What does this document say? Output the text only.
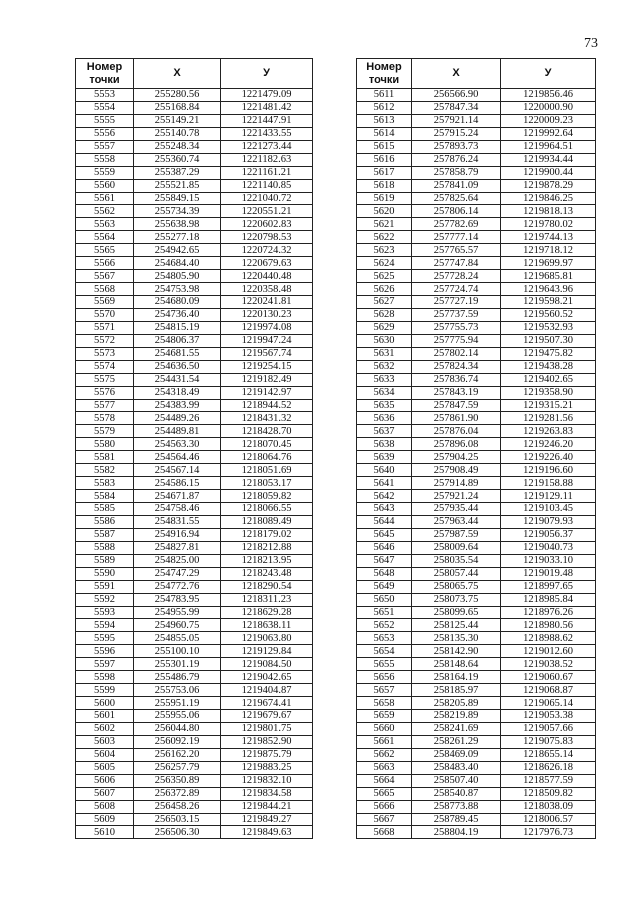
73
Номер
точки	X	У
5553	255280.56	1221479.09
5554	255168.84	1221481.42
5555	255149.21	1221447.91
5556	255140.78	1221433.55
5557	255248.34	1221273.44
5558	255360.74	1221182.63
5559	255387.29	1221161.21
5560	255521.85	1221140.85
5561	255849.15	1221040.72
5562	255734.39	1220551.21
5563	255638.98	1220602.83
5564	255277.18	1220798.53
5565	254942.65	1220724.32
5566	254684.40	1220679.63
5567	254805.90	1220440.48
5568	254753.98	1220358.48
5569	254680.09	1220241.81
5570	254736.40	1220130.23
5571	254815.19	1219974.08
5572	254806.37	1219947.24
5573	254681.55	1219567.74
5574	254636.50	1219254.15
5575	254431.54	1219182.49
5576	254318.49	1219142.97
5577	254383.99	1218944.52
5578	254489.26	1218431.32
5579	254489.81	1218428.70
5580	254563.30	1218070.45
5581	254564.46	1218064.76
5582	254567.14	1218051.69
5583	254586.15	1218053.17
5584	254671.87	1218059.82
5585	254758.46	1218066.55
5586	254831.55	1218089.49
5587	254916.94	1218179.02
5588	254827.81	1218212.88
5589	254825.00	1218213.95
5590	254747.29	1218243.48
5591	254772.76	1218290.54
5592	254783.95	1218311.23
5593	254955.99	1218629.28
5594	254960.75	1218638.11
5595	254855.05	1219063.80
5596	255100.10	1219129.84
5597	255301.19	1219084.50
5598	255486.79	1219042.65
5599	255753.06	1219404.87
5600	255951.19	1219674.41
5601	255955.06	1219679.67
5602	256044.80	1219801.75
5603	256092.19	1219852.90
5604	256162.20	1219875.79
5605	256257.79	1219883.25
5606	256350.89	1219832.10
5607	256372.89	1219834.58
5608	256458.26	1219844.21
5609	256503.15	1219849.27
5610	256506.30	1219849.63
Номер
точки	X	У
5611	256566.90	1219856.46
5612	257847.34	1220000.90
5613	257921.14	1220009.23
5614	257915.24	1219992.64
5615	257893.73	1219964.51
5616	257876.24	1219934.44
5617	257858.79	1219900.44
5618	257841.09	1219878.29
5619	257825.64	1219846.25
5620	257806.14	1219818.13
5621	257782.69	1219780.02
5622	257777.14	1219744.13
5623	257765.57	1219718.12
5624	257747.84	1219699.97
5625	257728.24	1219685.81
5626	257724.74	1219643.96
5627	257727.19	1219598.21
5628	257737.59	1219560.52
5629	257755.73	1219532.93
5630	257775.94	1219507.30
5631	257802.14	1219475.82
5632	257824.34	1219438.28
5633	257836.74	1219402.65
5634	257843.19	1219358.90
5635	257847.59	1219315.21
5636	257861.90	1219281.56
5637	257876.04	1219263.83
5638	257896.08	1219246.20
5639	257904.25	1219226.40
5640	257908.49	1219196.60
5641	257914.89	1219158.88
5642	257921.24	1219129.11
5643	257935.44	1219103.45
5644	257963.44	1219079.93
5645	257987.59	1219056.37
5646	258009.64	1219040.73
5647	258035.54	1219033.10
5648	258057.44	1219019.48
5649	258065.75	1218997.65
5650	258073.75	1218985.84
5651	258099.65	1218976.26
5652	258125.44	1218980.56
5653	258135.30	1218988.62
5654	258142.90	1219012.60
5655	258148.64	1219038.52
5656	258164.19	1219060.67
5657	258185.97	1219068.87
5658	258205.89	1219065.14
5659	258219.89	1219053.38
5660	258241.69	1219057.66
5661	258261.29	1219075.83
5662	258469.09	1218655.14
5663	258483.40	1218626.18
5664	258507.40	1218577.59
5665	258540.87	1218509.82
5666	258773.88	1218038.09
5667	258789.45	1218006.57
5668	258804.19	1217976.73
